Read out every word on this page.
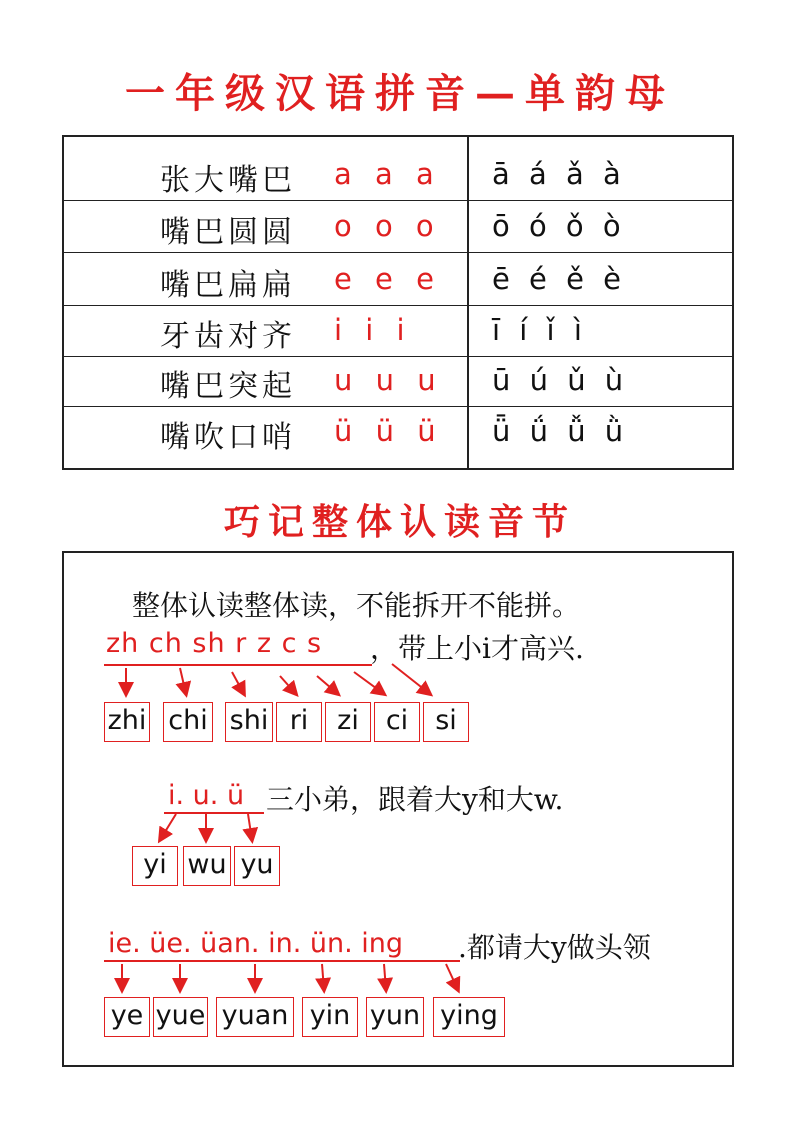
一年级汉语拼音—单韵母
张大嘴巴 a a a ā á ǎ à
嘴巴圆圆 o o o ō ó ǒ ò
嘴巴扁扁 e e e ē é ě è
牙齿对齐 i i i	ī í ǐ ì
嘴巴突起 u u u ū ú ǔ ù
嘴吹口哨 ü ü ü ǖ ǘ ǚ ǜ
巧记整体认读音节
整体认读整体读，不能拆开不能拼。
zh ch sh r z c s ，带上小i才高兴.
zhi chi shi ri	zi ci	si
i. u. ü 三小弟，跟着大y和大w.
yi wu yu
ie. üe. üan. in. ün. ing .都请大y做头领
ye yue yuan yin yun ying
